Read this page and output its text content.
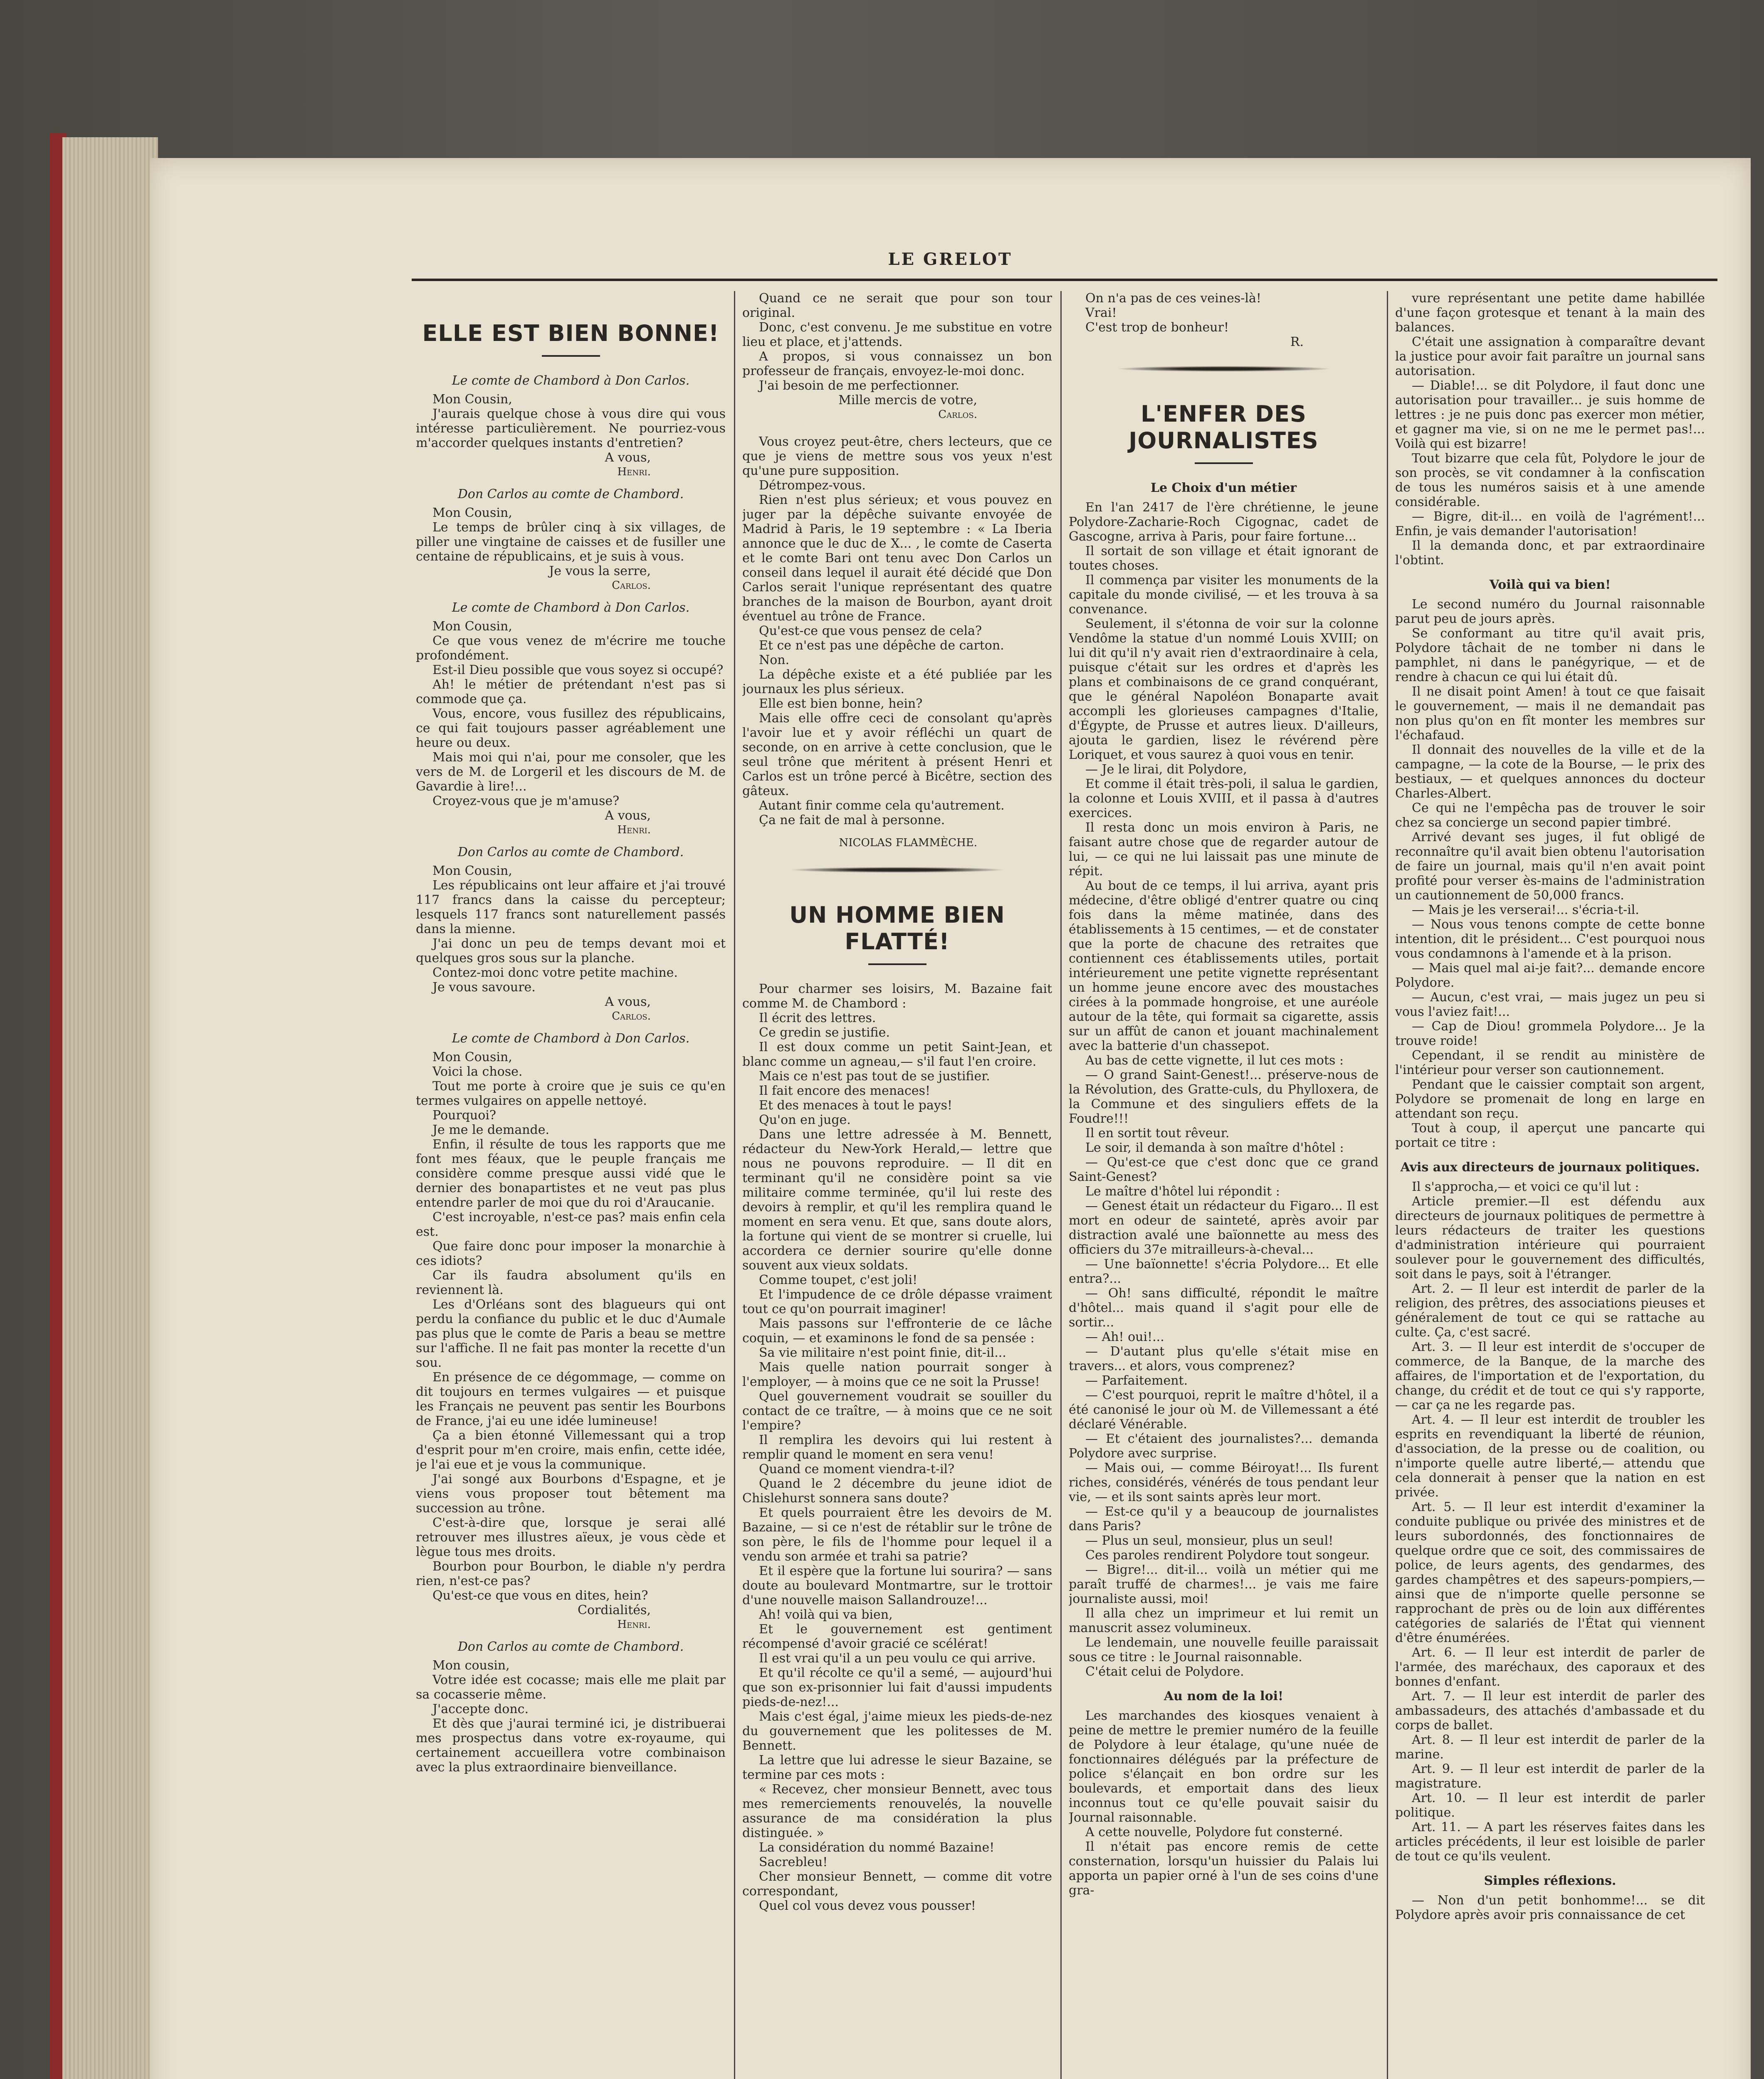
LE GRELOT
ELLE EST BIEN BONNE!
Le comte de Chambord à Don Carlos.

Mon Cousin,

J'aurais quelque chose à vous dire qui vous intéresse particulièrement. Ne pourriez-vous m'accorder quelques instants d'entretien?

A vous,

Henri.

Don Carlos au comte de Chambord.

Mon Cousin,

Le temps de brûler cinq à six villages, de piller une vingtaine de caisses et de fusiller une centaine de républicains, et je suis à vous.

Je vous la serre,

Carlos.

Le comte de Chambord à Don Carlos.

Mon Cousin,

Ce que vous venez de m'écrire me touche profondément.

Est-il Dieu possible que vous soyez si occupé?

Ah! le métier de prétendant n'est pas si commode que ça.

Vous, encore, vous fusillez des républicains, ce qui fait toujours passer agréablement une heure ou deux.

Mais moi qui n'ai, pour me consoler, que les vers de M. de Lorgeril et les discours de M. de Gavardie à lire!...

Croyez-vous que je m'amuse?

A vous,

Henri.

Don Carlos au comte de Chambord.

Mon Cousin,

Les républicains ont leur affaire et j'ai trouvé 117 francs dans la caisse du percepteur; lesquels 117 francs sont naturellement passés dans la mienne.

J'ai donc un peu de temps devant moi et quelques gros sous sur la planche.

Contez-moi donc votre petite machine.

Je vous savoure.

A vous,

Carlos.

Le comte de Chambord à Don Carlos.

Mon Cousin,

Voici la chose.

Tout me porte à croire que je suis ce qu'en termes vulgaires on appelle nettoyé.

Pourquoi?

Je me le demande.

Enfin, il résulte de tous les rapports que me font mes féaux, que le peuple français me considère comme presque aussi vidé que le dernier des bonapartistes et ne veut pas plus entendre parler de moi que du roi d'Araucanie.

C'est incroyable, n'est-ce pas? mais enfin cela est.

Que faire donc pour imposer la monarchie à ces idiots?

Car ils faudra absolument qu'ils en reviennent là.

Les d'Orléans sont des blagueurs qui ont perdu la confiance du public et le duc d'Aumale pas plus que le comte de Paris a beau se mettre sur l'affiche. Il ne fait pas monter la recette d'un sou.

En présence de ce dégommage, — comme on dit toujours en termes vulgaires — et puisque les Français ne peuvent pas sentir les Bourbons de France, j'ai eu une idée lumineuse!

Ça a bien étonné Villemessant qui a trop d'esprit pour m'en croire, mais enfin, cette idée, je l'ai eue et je vous la communique.

J'ai songé aux Bourbons d'Espagne, et je viens vous proposer tout bêtement ma succession au trône.

C'est-à-dire que, lorsque je serai allé retrouver mes illustres aïeux, je vous cède et lègue tous mes droits.

Bourbon pour Bourbon, le diable n'y perdra rien, n'est-ce pas?

Qu'est-ce que vous en dites, hein?

Cordialités,

Henri.

Don Carlos au comte de Chambord.

Mon cousin,

Votre idée est cocasse; mais elle me plait par sa cocasserie même.

J'accepte donc.

Et dès que j'aurai terminé ici, je distribuerai mes prospectus dans votre ex-royaume, qui certainement accueillera votre combinaison avec la plus extraordinaire bienveillance.

Quand ce ne serait que pour son tour original.

Donc, c'est convenu. Je me substitue en votre lieu et place, et j'attends.

A propos, si vous connaissez un bon professeur de français, envoyez-le-moi donc.

J'ai besoin de me perfectionner.

Mille mercis de votre,

Carlos.

Vous croyez peut-être, chers lecteurs, que ce que je viens de mettre sous vos yeux n'est qu'une pure supposition.

Détrompez-vous.

Rien n'est plus sérieux; et vous pouvez en juger par la dépêche suivante envoyée de Madrid à Paris, le 19 septembre : « La Iberia annonce que le duc de X... , le comte de Caserta et le comte Bari ont tenu avec Don Carlos un conseil dans lequel il aurait été décidé que Don Carlos serait l'unique représentant des quatre branches de la maison de Bourbon, ayant droit éventuel au trône de France.

Qu'est-ce que vous pensez de cela?

Et ce n'est pas une dépêche de carton.

Non.

La dépêche existe et a été publiée par les journaux les plus sérieux.

Elle est bien bonne, hein?

Mais elle offre ceci de consolant qu'après l'avoir lue et y avoir réfléchi un quart de seconde, on en arrive à cette conclusion, que le seul trône que méritent à présent Henri et Carlos est un trône percé à Bicêtre, section des gâteux.

Autant finir comme cela qu'autrement.

Ça ne fait de mal à personne.

NICOLAS FLAMMÈCHE.

UN HOMME BIEN FLATTÉ!

Pour charmer ses loisirs, M. Bazaine fait comme M. de Chambord :

Il écrit des lettres.

Ce gredin se justifie.

Il est doux comme un petit Saint-Jean, et blanc comme un agneau,— s'il faut l'en croire.

Mais ce n'est pas tout de se justifier.

Il fait encore des menaces!

Et des menaces à tout le pays!

Qu'on en juge.

Dans une lettre adressée à M. Bennett, rédacteur du New-York Herald,— lettre que nous ne pouvons reproduire. — Il dit en terminant qu'il ne considère point sa vie militaire comme terminée, qu'il lui reste des devoirs à remplir, et qu'il les remplira quand le moment en sera venu. Et que, sans doute alors, la fortune qui vient de se montrer si cruelle, lui accordera ce dernier sourire qu'elle donne souvent aux vieux soldats.

Comme toupet, c'est joli!

Et l'impudence de ce drôle dépasse vraiment tout ce qu'on pourrait imaginer!

Mais passons sur l'effronterie de ce lâche coquin, — et examinons le fond de sa pensée :

Sa vie militaire n'est point finie, dit-il...

Mais quelle nation pourrait songer à l'employer, — à moins que ce ne soit la Prusse!

Quel gouvernement voudrait se souiller du contact de ce traître, — à moins que ce ne soit l'empire?

Il remplira les devoirs qui lui restent à remplir quand le moment en sera venu!

Quand ce moment viendra-t-il?

Quand le 2 décembre du jeune idiot de Chislehurst sonnera sans doute?

Et quels pourraient être les devoirs de M. Bazaine, — si ce n'est de rétablir sur le trône de son père, le fils de l'homme pour lequel il a vendu son armée et trahi sa patrie?

Et il espère que la fortune lui sourira? — sans doute au boulevard Montmartre, sur le trottoir d'une nouvelle maison Sallandrouze!...

Ah! voilà qui va bien,

Et le gouvernement est gentiment récompensé d'avoir gracié ce scélérat!

Il est vrai qu'il a un peu voulu ce qui arrive.

Et qu'il récolte ce qu'il a semé, — aujourd'hui que son ex-prisonnier lui fait d'aussi impudents pieds-de-nez!...

Mais c'est égal, j'aime mieux les pieds-de-nez du gouvernement que les politesses de M. Bennett.

La lettre que lui adresse le sieur Bazaine, se termine par ces mots :

« Recevez, cher monsieur Bennett, avec tous mes remerciements renouvelés, la nouvelle assurance de ma considération la plus distinguée. »

La considération du nommé Bazaine!

Sacrebleu!

Cher monsieur Bennett, — comme dit votre correspondant,

Quel col vous devez vous pousser!

On n'a pas de ces veines-là!

Vrai!

C'est trop de bonheur!

R.

L'ENFER DES JOURNALISTES
Le Choix d'un métier

En l'an 2417 de l'ère chrétienne, le jeune Polydore-Zacharie-Roch Cigognac, cadet de Gascogne, arriva à Paris, pour faire fortune...

Il sortait de son village et était ignorant de toutes choses.

Il commença par visiter les monuments de la capitale du monde civilisé, — et les trouva à sa convenance.

Seulement, il s'étonna de voir sur la colonne Vendôme la statue d'un nommé Louis XVIII; on lui dit qu'il n'y avait rien d'extraordinaire à cela, puisque c'était sur les ordres et d'après les plans et combinaisons de ce grand conquérant, que le général Napoléon Bonaparte avait accompli les glorieuses campagnes d'Italie, d'Égypte, de Prusse et autres lieux. D'ailleurs, ajouta le gardien, lisez le révérend père Loriquet, et vous saurez à quoi vous en tenir.

— Je le lirai, dit Polydore,

Et comme il était très-poli, il salua le gardien, la colonne et Louis XVIII, et il passa à d'autres exercices.

Il resta donc un mois environ à Paris, ne faisant autre chose que de regarder autour de lui, — ce qui ne lui laissait pas une minute de répit.

Au bout de ce temps, il lui arriva, ayant pris médecine, d'être obligé d'entrer quatre ou cinq fois dans la même matinée, dans des établissements à 15 centimes, — et de constater que la porte de chacune des retraites que contiennent ces établissements utiles, portait intérieurement une petite vignette représentant un homme jeune encore avec des moustaches cirées à la pommade hongroise, et une auréole autour de la tête, qui formait sa cigarette, assis sur un affût de canon et jouant machinalement avec la batterie d'un chassepot.

Au bas de cette vignette, il lut ces mots :

— O grand Saint-Genest!... préserve-nous de la Révolution, des Gratte-culs, du Phylloxera, de la Commune et des singuliers effets de la Foudre!!!

Il en sortit tout rêveur.

Le soir, il demanda à son maître d'hôtel :

— Qu'est-ce que c'est donc que ce grand Saint-Genest?

Le maître d'hôtel lui répondit :

— Genest était un rédacteur du Figaro... Il est mort en odeur de sainteté, après avoir par distraction avalé une baïonnette au mess des officiers du 37e mitrailleurs-à-cheval...

— Une baïonnette! s'écria Polydore... Et elle entra?...

— Oh! sans difficulté, répondit le maître d'hôtel... mais quand il s'agit pour elle de sortir...

— Ah! oui!...

— D'autant plus qu'elle s'était mise en travers... et alors, vous comprenez?

— Parfaitement.

— C'est pourquoi, reprit le maître d'hôtel, il a été canonisé le jour où M. de Villemessant a été déclaré Vénérable.

— Et c'étaient des journalistes?... demanda Polydore avec surprise.

— Mais oui, — comme Béiroyat!... Ils furent riches, considérés, vénérés de tous pendant leur vie, — et ils sont saints après leur mort.

— Est-ce qu'il y a beaucoup de journalistes dans Paris?

— Plus un seul, monsieur, plus un seul!

Ces paroles rendirent Polydore tout songeur.

— Bigre!... dit-il... voilà un métier qui me paraît truffé de charmes!... je vais me faire journaliste aussi, moi!

Il alla chez un imprimeur et lui remit un manuscrit assez volumineux.

Le lendemain, une nouvelle feuille paraissait sous ce titre : le Journal raisonnable.

C'était celui de Polydore.

Au nom de la loi!

Les marchandes des kiosques venaient à peine de mettre le premier numéro de la feuille de Polydore à leur étalage, qu'une nuée de fonctionnaires délégués par la préfecture de police s'élançait en bon ordre sur les boulevards, et emportait dans des lieux inconnus tout ce qu'elle pouvait saisir du Journal raisonnable.

A cette nouvelle, Polydore fut consterné.

Il n'était pas encore remis de cette consternation, lorsqu'un huissier du Palais lui apporta un papier orné à l'un de ses coins d'une gra-

vure représentant une petite dame habillée d'une façon grotesque et tenant à la main des balances.

C'était une assignation à comparaître devant la justice pour avoir fait paraître un journal sans autorisation.

— Diable!... se dit Polydore, il faut donc une autorisation pour travailler... je suis homme de lettres : je ne puis donc pas exercer mon métier, et gagner ma vie, si on ne me le permet pas!... Voilà qui est bizarre!

Tout bizarre que cela fût, Polydore le jour de son procès, se vit condamner à la confiscation de tous les numéros saisis et à une amende considérable.

— Bigre, dit-il... en voilà de l'agrément!... Enfin, je vais demander l'autorisation!

Il la demanda donc, et par extraordinaire l'obtint.

Voilà qui va bien!

Le second numéro du Journal raisonnable parut peu de jours après.

Se conformant au titre qu'il avait pris, Polydore tâchait de ne tomber ni dans le pamphlet, ni dans le panégyrique, — et de rendre à chacun ce qui lui était dû.

Il ne disait point Amen! à tout ce que faisait le gouvernement, — mais il ne demandait pas non plus qu'on en fît monter les membres sur l'échafaud.

Il donnait des nouvelles de la ville et de la campagne, — la cote de la Bourse, — le prix des bestiaux, — et quelques annonces du docteur Charles-Albert.

Ce qui ne l'empêcha pas de trouver le soir chez sa concierge un second papier timbré.

Arrivé devant ses juges, il fut obligé de reconnaître qu'il avait bien obtenu l'autorisation de faire un journal, mais qu'il n'en avait point profité pour verser ès-mains de l'administration un cautionnement de 50,000 francs.

— Mais je les verserai!... s'écria-t-il.

— Nous vous tenons compte de cette bonne intention, dit le président... C'est pourquoi nous vous condamnons à l'amende et à la prison.

— Mais quel mal ai-je fait?... demande encore Polydore.

— Aucun, c'est vrai, — mais jugez un peu si vous l'aviez fait!...

— Cap de Diou! grommela Polydore... Je la trouve roide!

Cependant, il se rendit au ministère de l'intérieur pour verser son cautionnement.

Pendant que le caissier comptait son argent, Polydore se promenait de long en large en attendant son reçu.

Tout à coup, il aperçut une pancarte qui portait ce titre :

Avis aux directeurs de journaux politiques.

Il s'approcha,— et voici ce qu'il lut :

Article premier.—Il est défendu aux directeurs de journaux politiques de permettre à leurs rédacteurs de traiter les questions d'administration intérieure qui pourraient soulever pour le gouvernement des difficultés, soit dans le pays, soit à l'étranger.

Art. 2. — Il leur est interdit de parler de la religion, des prêtres, des associations pieuses et généralement de tout ce qui se rattache au culte. Ça, c'est sacré.

Art. 3. — Il leur est interdit de s'occuper de commerce, de la Banque, de la marche des affaires, de l'importation et de l'exportation, du change, du crédit et de tout ce qui s'y rapporte,— car ça ne les regarde pas.

Art. 4. — Il leur est interdit de troubler les esprits en revendiquant la liberté de réunion, d'association, de la presse ou de coalition, ou n'importe quelle autre liberté,— attendu que cela donnerait à penser que la nation en est privée.

Art. 5. — Il leur est interdit d'examiner la conduite publique ou privée des ministres et de leurs subordonnés, des fonctionnaires de quelque ordre que ce soit, des commissaires de police, de leurs agents, des gendarmes, des gardes champêtres et des sapeurs-pompiers,— ainsi que de n'importe quelle personne se rapprochant de près ou de loin aux différentes catégories de salariés de l'État qui viennent d'être énumérées.

Art. 6. — Il leur est interdit de parler de l'armée, des maréchaux, des caporaux et des bonnes d'enfant.

Art. 7. — Il leur est interdit de parler des ambassadeurs, des attachés d'ambassade et du corps de ballet.

Art. 8. — Il leur est interdit de parler de la marine.

Art. 9. — Il leur est interdit de parler de la magistrature.

Art. 10. — Il leur est interdit de parler politique.

Art. 11. — A part les réserves faites dans les articles précédents, il leur est loisible de parler de tout ce qu'ils veulent.

Simples réflexions.

— Non d'un petit bonhomme!... se dit Polydore après avoir pris connaissance de cet
